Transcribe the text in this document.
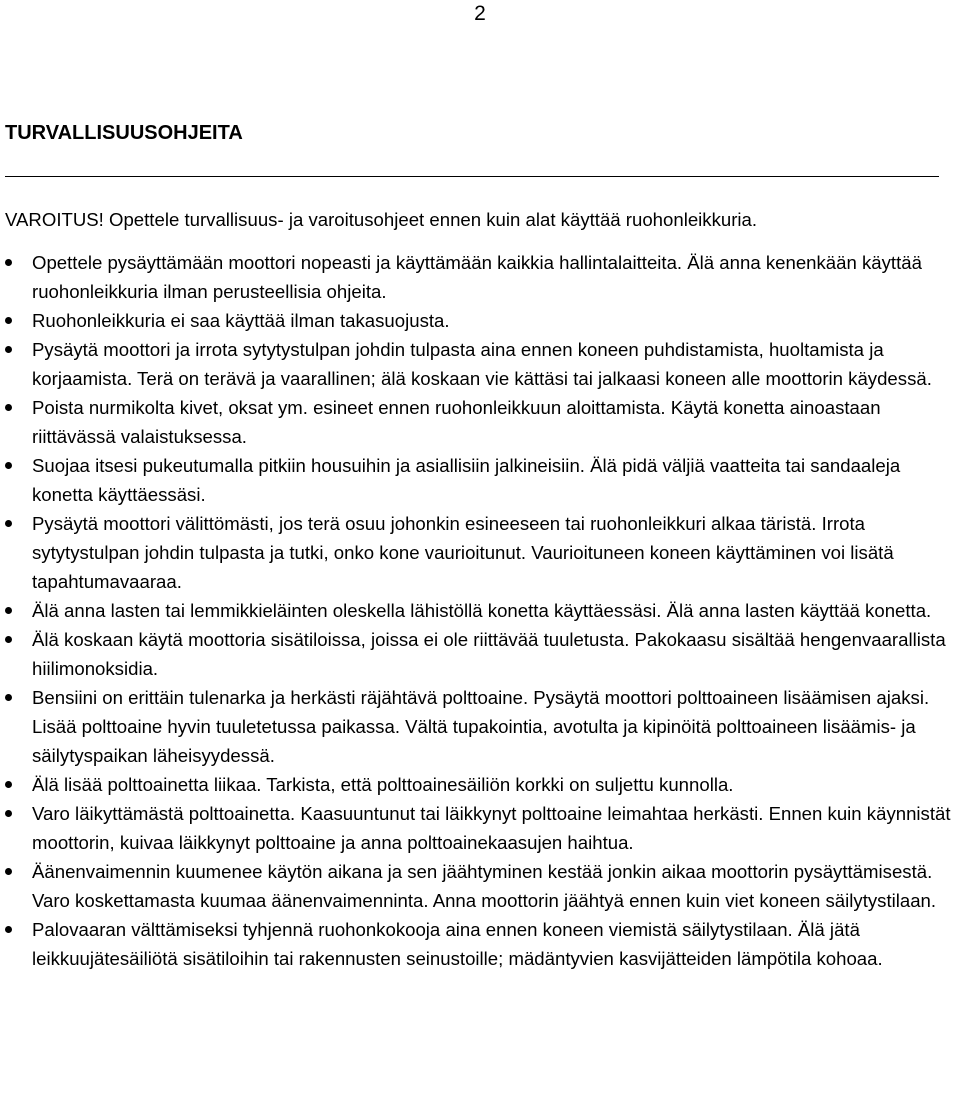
2
TURVALLISUUSOHJEITA

VAROITUS! Opettele turvallisuus- ja varoitusohjeet ennen kuin alat käyttää ruohonleikkuria.

Opettele pysäyttämään moottori nopeasti ja käyttämään kaikkia hallintalaitteita. Älä anna kenenkään käyttää ruohonleikkuria ilman perusteellisia ohjeita.
Ruohonleikkuria ei saa käyttää ilman takasuojusta.
Pysäytä moottori ja irrota sytytystulpan johdin tulpasta aina ennen koneen puhdistamista, huoltamista ja korjaamista. Terä on terävä ja vaarallinen; älä koskaan vie kättäsi tai jalkaasi koneen alle moottorin käydessä.
Poista nurmikolta kivet, oksat ym. esineet ennen ruohonleikkuun aloittamista. Käytä konetta ainoastaan riittävässä valaistuksessa.
Suojaa itsesi pukeutumalla pitkiin housuihin ja asiallisiin jalkineisiin. Älä pidä väljiä vaatteita tai sandaaleja konetta käyttäessäsi.
Pysäytä moottori välittömästi, jos terä osuu johonkin esineeseen tai ruohonleikkuri alkaa täristä. Irrota sytytystulpan johdin tulpasta ja tutki, onko kone vaurioitunut. Vaurioituneen koneen käyttäminen voi lisätä tapahtumavaaraa.
Älä anna lasten tai lemmikkieläinten oleskella lähistöllä konetta käyttäessäsi. Älä anna lasten käyttää konetta.
Älä koskaan käytä moottoria sisätiloissa, joissa ei ole riittävää tuuletusta. Pakokaasu sisältää hengenvaarallista hiilimonoksidia.
Bensiini on erittäin tulenarka ja herkästi räjähtävä polttoaine. Pysäytä moottori polttoaineen lisäämisen ajaksi. Lisää polttoaine hyvin tuuletetussa paikassa. Vältä tupakointia, avotulta ja kipinöitä polttoaineen lisäämis- ja säilytyspaikan läheisyydessä.
Älä lisää polttoainetta liikaa. Tarkista, että polttoainesäiliön korkki on suljettu kunnolla.
Varo läikyttämästä polttoainetta. Kaasuuntunut tai läikkynyt polttoaine leimahtaa herkästi. Ennen kuin käynnistät moottorin, kuivaa läikkynyt polttoaine ja anna polttoainekaasujen haihtua.
Äänenvaimennin kuumenee käytön aikana ja sen jäähtyminen kestää jonkin aikaa moottorin pysäyttämisestä. Varo koskettamasta kuumaa äänenvaimenninta. Anna moottorin jäähtyä ennen kuin viet koneen säilytystilaan.
Palovaaran välttämiseksi tyhjennä ruohonkokooja aina ennen koneen viemistä säilytystilaan. Älä jätä leikkuujätesäiliötä sisätiloihin tai rakennusten seinustoille; mädäntyvien kasvijätteiden lämpötila kohoaa.
